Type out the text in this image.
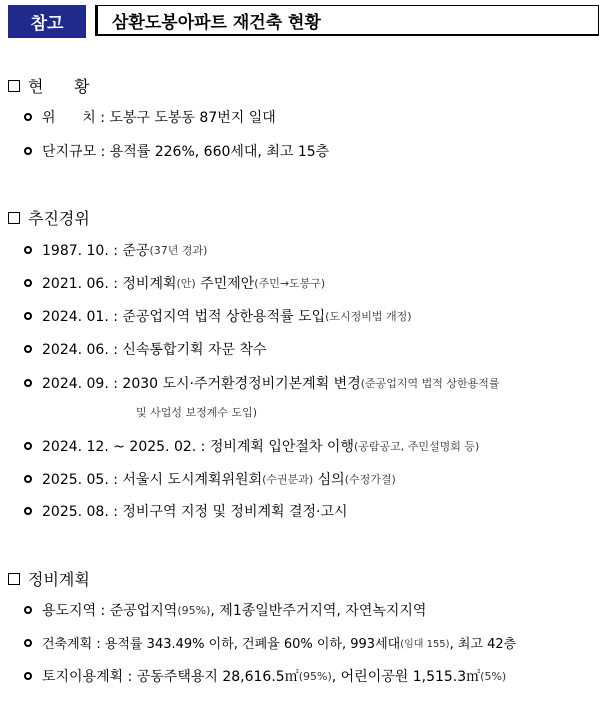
참고	삼환도봉아파트 재건축 현황
현      황
위      치 : 도봉구 도봉동 87번지 일대
단지규모 : 용적률 226%, 660세대, 최고 15층
추진경위
1987. 10. : 준공 (37년 경과)
2021. 06. : 정비계획 (안) 주민제안 (주민→도봉구)
2024. 01. : 준공업지역 법적 상한용적률 도입 (도시정비법 개정)
2024. 06. : 신속통합기획 자문 착수
2024. 09. : 2030 도시·주거환경정비기본계획 변경 (준공업지역 법적 상한용적률
및 사업성 보정계수 도입)
2024. 12. ~ 2025. 02. : 정비계획 입안절차 이행 (공람공고, 주민설명회 등)
2025. 05. : 서울시 도시계획위원회 (수권분과) 심의 (수정가결)
2025. 08. : 정비구역 지정 및 정비계획 결정·고시
정비계획
용도지역 : 준공업지역 (95%) , 제1종일반주거지역, 자연녹지지역
건축계획 : 용적률 343.49% 이하, 건폐율 60% 이하, 993세대 (임대 155) , 최고 42층
토지이용계획 : 공동주택용지 28,616.5㎡ (95%) , 어린이공원 1,515.3㎡ (5%)
